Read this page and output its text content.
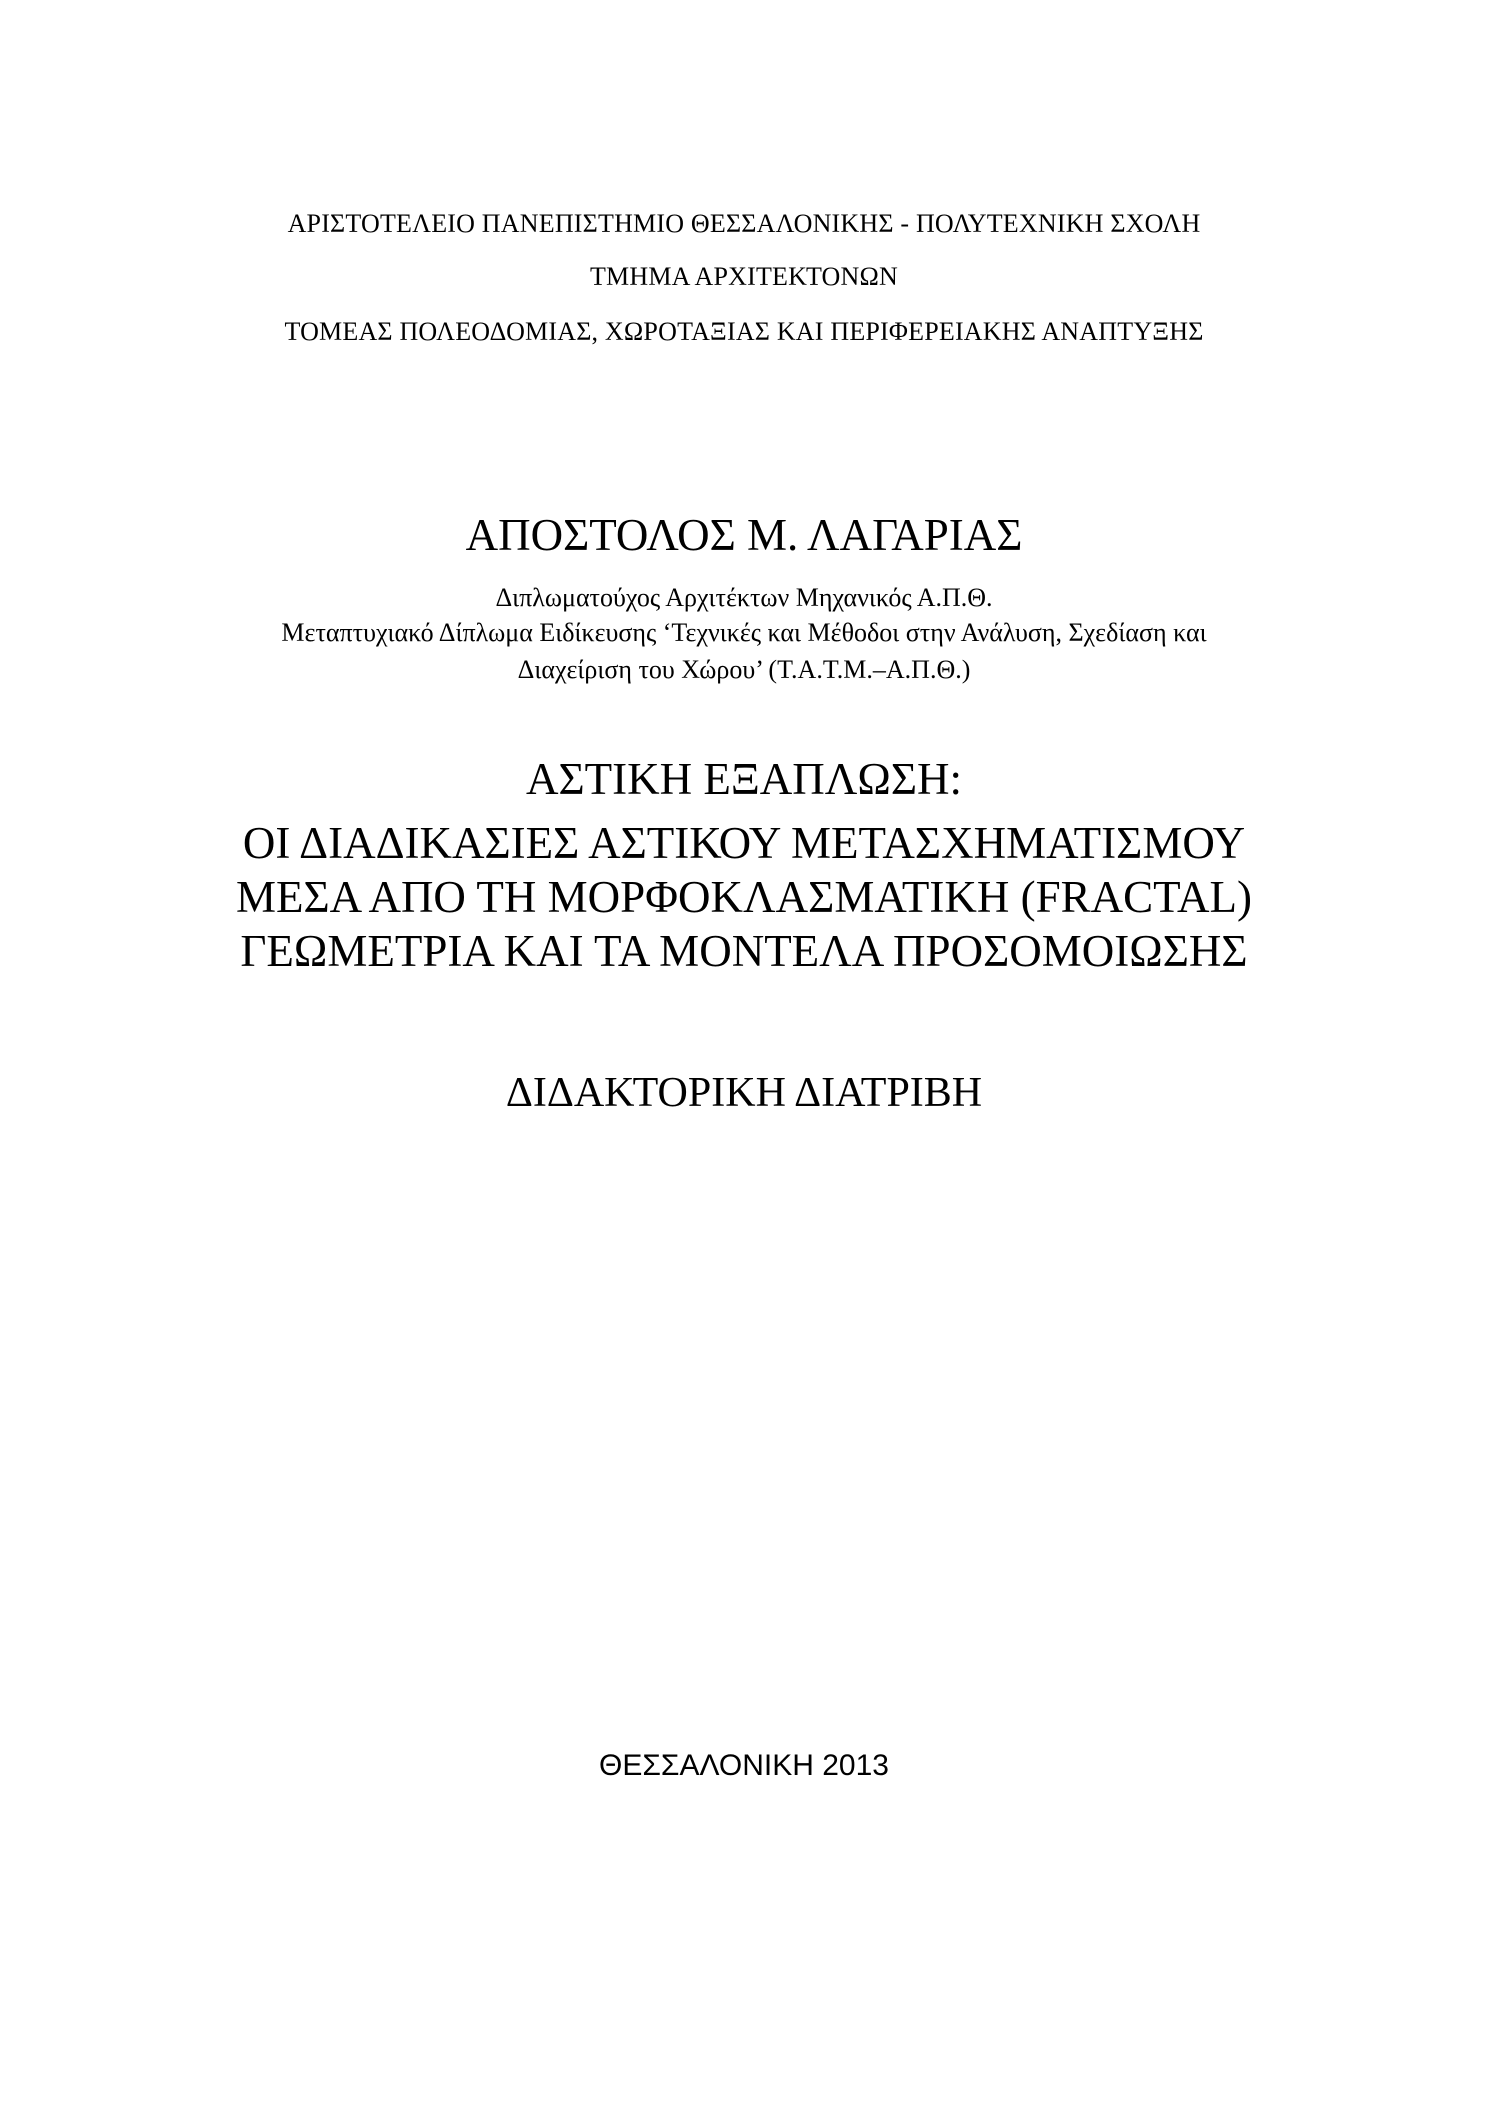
ΑΡΙΣΤΟΤΕΛΕΙΟ ΠΑΝΕΠΙΣΤΗΜΙΟ ΘΕΣΣΑΛΟΝΙΚΗΣ - ΠΟΛΥΤΕΧΝΙΚΗ ΣΧΟΛΗ
ΤΜΗΜΑ ΑΡΧΙΤΕΚΤΟΝΩΝ
ΤΟΜΕΑΣ ΠΟΛΕΟΔΟΜΙΑΣ, ΧΩΡΟΤΑΞΙΑΣ ΚΑΙ ΠΕΡΙΦΕΡΕΙΑΚΗΣ ΑΝΑΠΤΥΞΗΣ
ΑΠΟΣΤΟΛΟΣ Μ. ΛΑΓΑΡΙΑΣ
Διπλωματούχος Αρχιτέκτων Μηχανικός Α.Π.Θ.
Μεταπτυχιακό Δίπλωμα Ειδίκευσης ‘Τεχνικές και Μέθοδοι στην Ανάλυση, Σχεδίαση και
Διαχείριση του Χώρου’ (Τ.Α.Τ.Μ.–Α.Π.Θ.)
ΑΣΤΙΚΗ ΕΞΑΠΛΩΣΗ:
ΟΙ ΔΙΑΔΙΚΑΣΙΕΣ ΑΣΤΙΚΟΥ ΜΕΤΑΣΧΗΜΑΤΙΣΜΟΥ
ΜΕΣΑ ΑΠΟ ΤΗ ΜΟΡΦΟΚΛΑΣΜΑΤΙΚΗ (FRACTAL)
ΓΕΩΜΕΤΡΙΑ ΚΑΙ ΤΑ ΜΟΝΤΕΛΑ ΠΡΟΣΟΜΟΙΩΣΗΣ
ΔΙΔΑΚΤΟΡΙΚΗ ΔΙΑΤΡΙΒΗ
ΘΕΣΣΑΛΟΝΙΚΗ 2013
